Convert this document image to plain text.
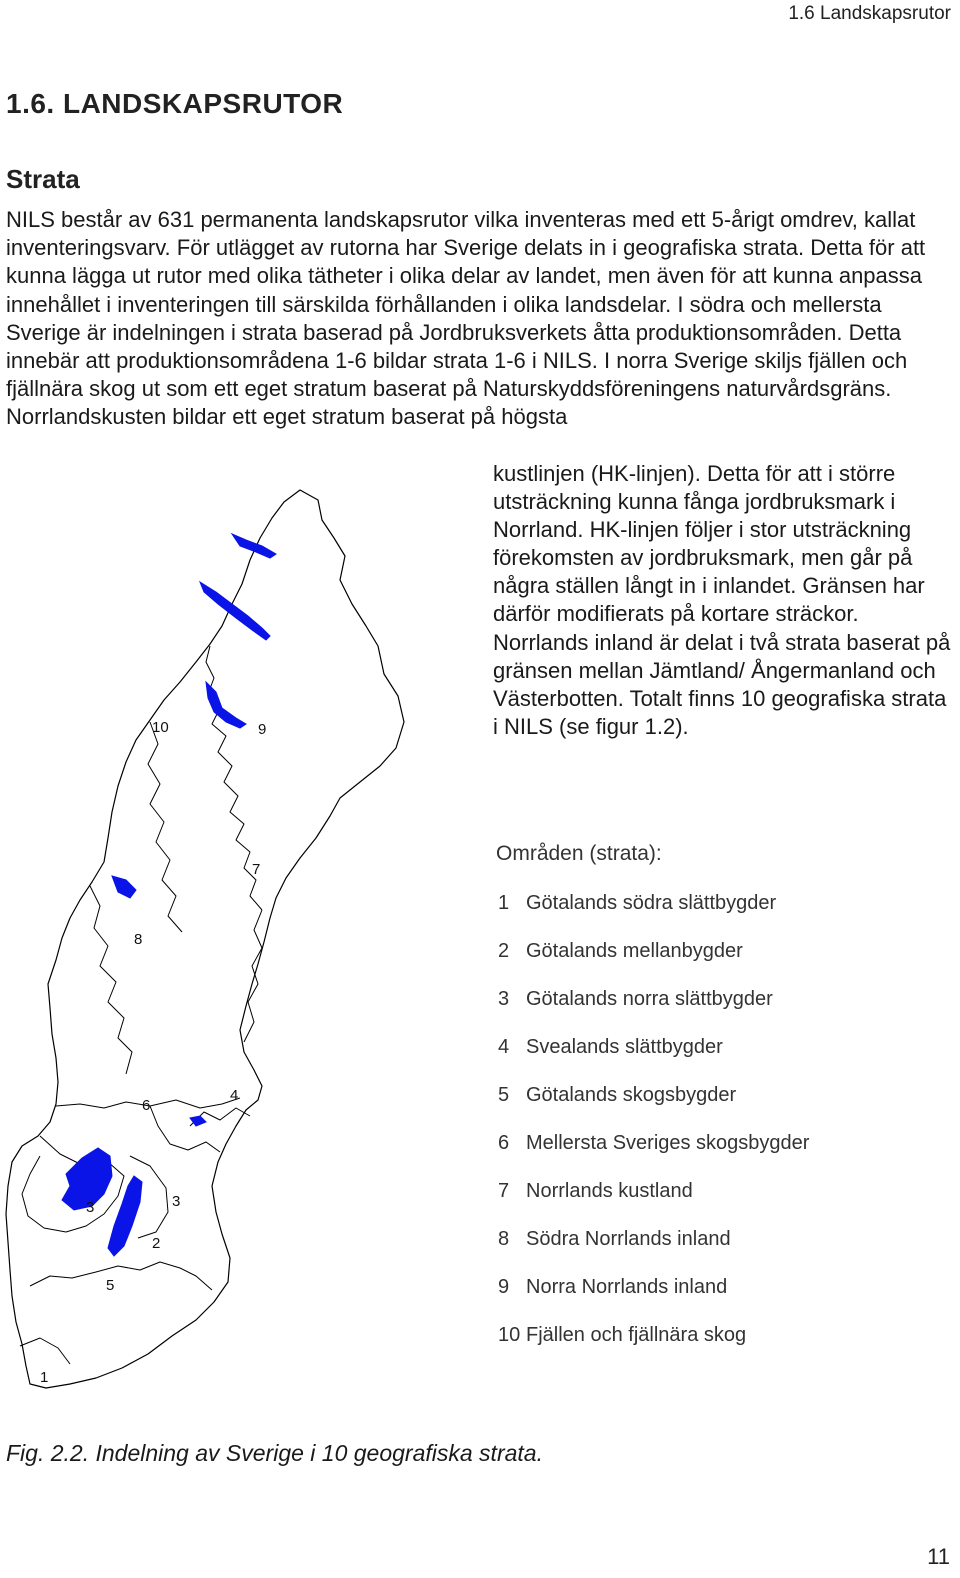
1.6 Landskapsrutor
1.6. LANDSKAPSRUTOR
Strata

NILS består av 631 permanenta landskapsrutor vilka inventeras med ett 5-årigt omdrev, kallat inventeringsvarv. För utlägget av rutorna har Sverige delats in i geografiska strata. Detta för att kunna lägga ut rutor med olika tätheter i olika delar av landet, men även för att kunna anpassa innehållet i inventeringen till särskilda förhållanden i olika landsdelar. I södra och mellersta Sverige är indelningen i strata baserad på Jordbruksverkets åtta produktionsområden. Detta innebär att produktionsområdena 1-6 bildar strata 1-6 i NILS. I norra Sverige skiljs fjällen och fjällnära skog ut som ett eget stratum baserat på Naturskyddsföreningens naturvårdsgräns. Norrlandskusten bildar ett eget stratum baserat på högsta

kustlinjen (HK-linjen). Detta för att i större utsträckning kunna fånga jordbruksmark i Norrland. HK-linjen följer i stor utsträckning förekomsten av jordbruksmark, men går på några ställen långt in i inlandet. Gränsen har därför modifierats på kortare sträckor. Norrlands inland är delat i två strata baserat på gränsen mellan Jämtland/ Ångermanland och Västerbotten. Totalt finns 10 geografiska strata i NILS (se figur 1.2).

10	9
8
7
6
4
3	3
2
5
1
Områden (strata):
1 Götalands södra slättbygder
2 Götalands mellanbygder
3 Götalands norra slättbygder
4 Svealands slättbygder
5 Götalands skogsbygder
6 Mellersta Sveriges skogsbygder
7 Norrlands kustland
8 Södra Norrlands inland
9 Norra Norrlands inland
10 Fjällen och fjällnära skog

Fig. 2.2. Indelning av Sverige i 10 geografiska strata.

11
